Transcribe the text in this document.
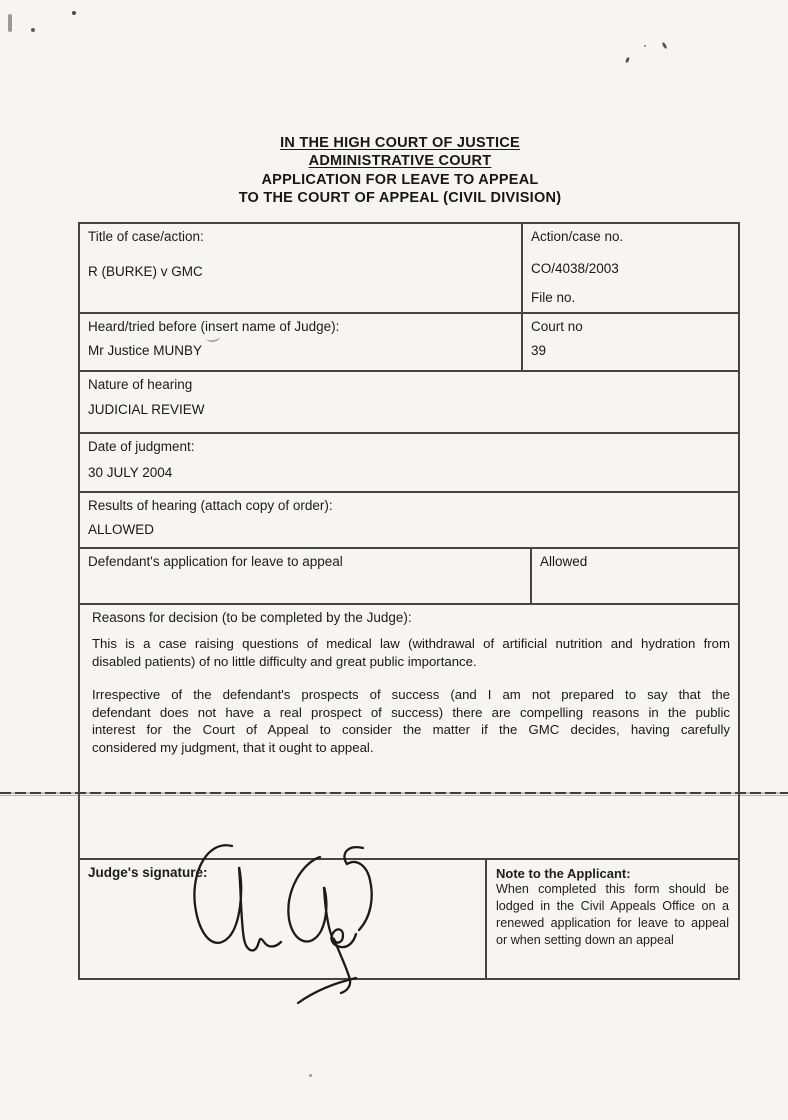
IN THE HIGH COURT OF JUSTICE
ADMINISTRATIVE COURT
APPLICATION FOR LEAVE TO APPEAL
TO THE COURT OF APPEAL (CIVIL DIVISION)
Title of case/action:
R (BURKE) v GMC
Action/case no.
CO/4038/2003
File no.
Heard/tried before (insert name of Judge):
Mr Justice MUNBY
Court no
39
Nature of hearing
JUDICIAL REVIEW
Date of judgment:
30 JULY 2004
Results of hearing (attach copy of order):
ALLOWED
Defendant's application for leave to appeal	Allowed
Reasons for decision (to be completed by the Judge):
This is a case raising questions of medical law (withdrawal of artificial nutrition and hydration from
disabled patients) of no little difficulty and great public importance.
Irrespective of the defendant's prospects of success (and I am not prepared to say that the
defendant does not have a real prospect of success) there are compelling reasons in the public
interest for the Court of Appeal to consider the matter if the GMC decides, having carefully
considered my judgment, that it ought to appeal.
Judge's signature:	Note to the Applicant:
When completed this form should be
lodged in the Civil Appeals Office on a
renewed application for leave to appeal
or when setting down an appeal
